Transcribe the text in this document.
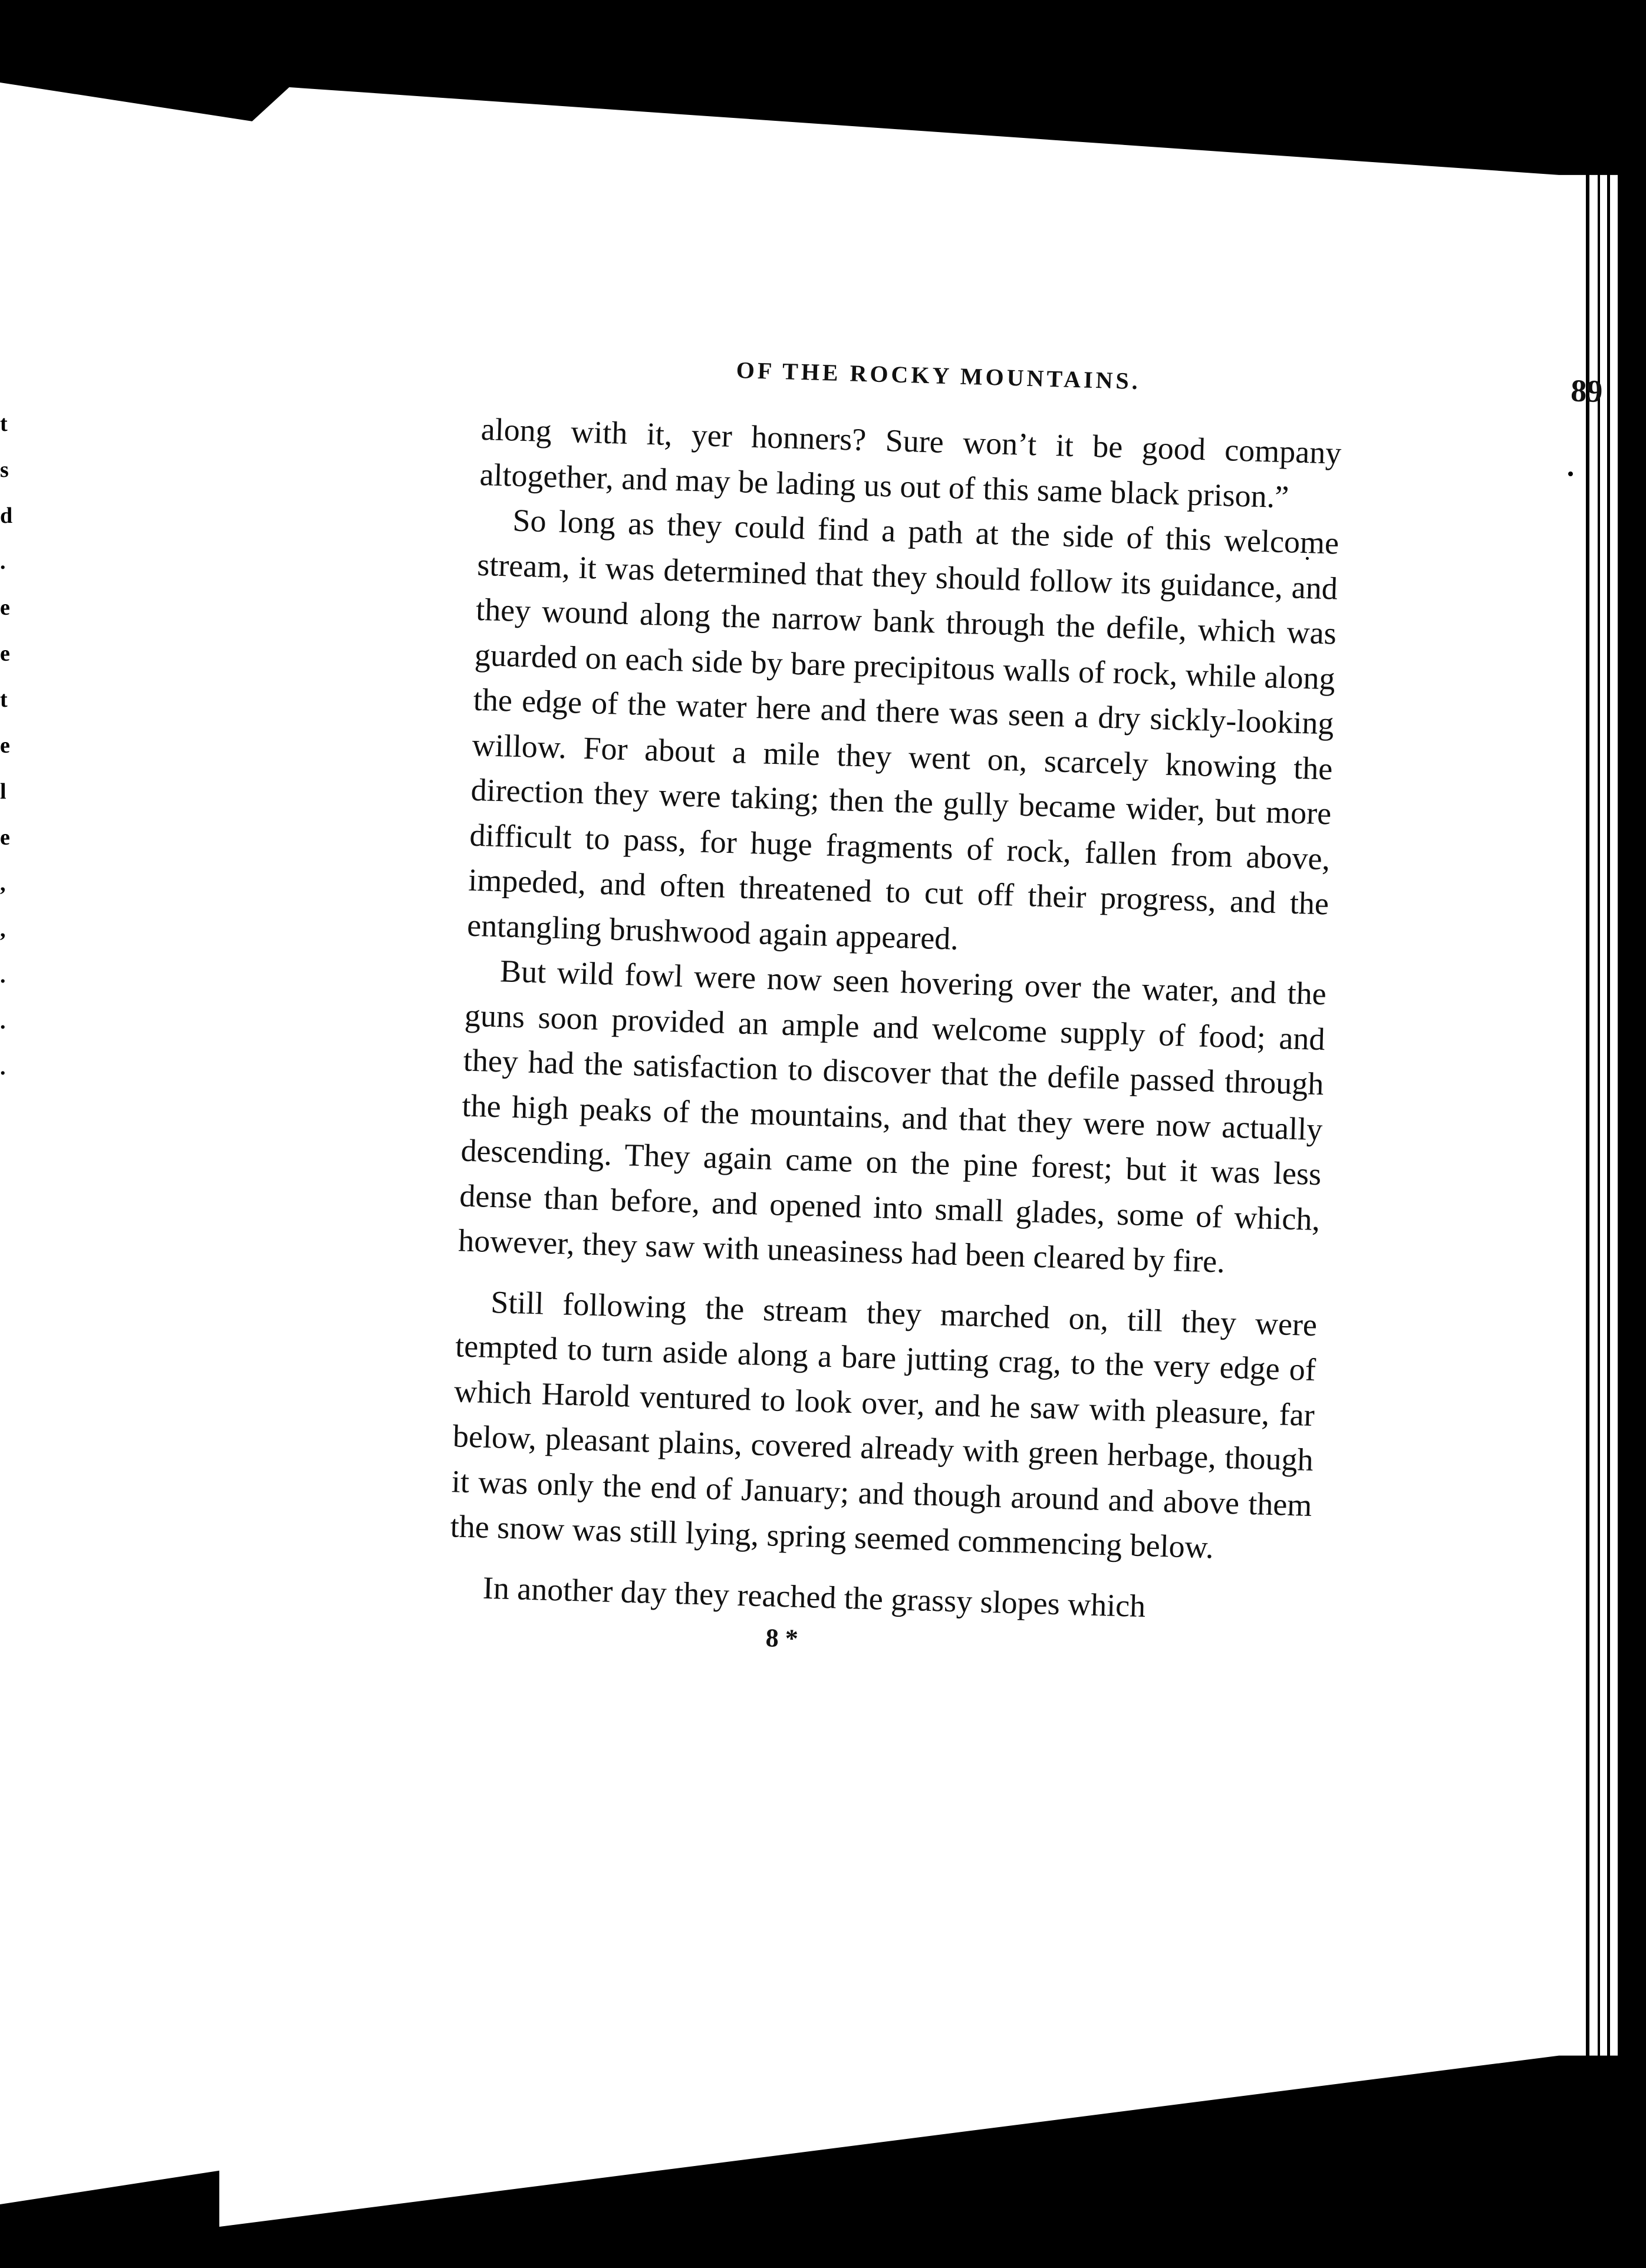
t
s
d
.
e
e
t
e
l
e
,
,
.
.
.
OF THE ROCKY MOUNTAINS.	89

along with it, yer honners? Sure won’t it be good company altogether, and may be lading us out of this same black prison.”

So long as they could find a path at the side of this welcome stream, it was determined that they should follow its guidance, and they wound along the narrow bank through the defile, which was guarded on each side by bare precipitous walls of rock, while along the edge of the water here and there was seen a dry sickly-looking willow. For about a mile they went on, scarcely knowing the direction they were taking; then the gully became wider, but more difficult to pass, for huge fragments of rock, fallen from above, impeded, and often threatened to cut off their progress, and the entangling brushwood again appeared.

But wild fowl were now seen hovering over the water, and the guns soon provided an ample and welcome supply of food; and they had the satisfaction to discover that the defile passed through the high peaks of the mountains, and that they were now actually descending. They again came on the pine forest; but it was less dense than before, and opened into small glades, some of which, however, they saw with uneasiness had been cleared by fire.

Still following the stream they marched on, till they were tempted to turn aside along a bare jutting crag, to the very edge of which Harold ventured to look over, and he saw with pleasure, far below, pleasant plains, covered already with green herbage, though it was only the end of January; and though around and above them the snow was still lying, spring seemed commencing below.

In another day they reached the grassy slopes which

8 *
